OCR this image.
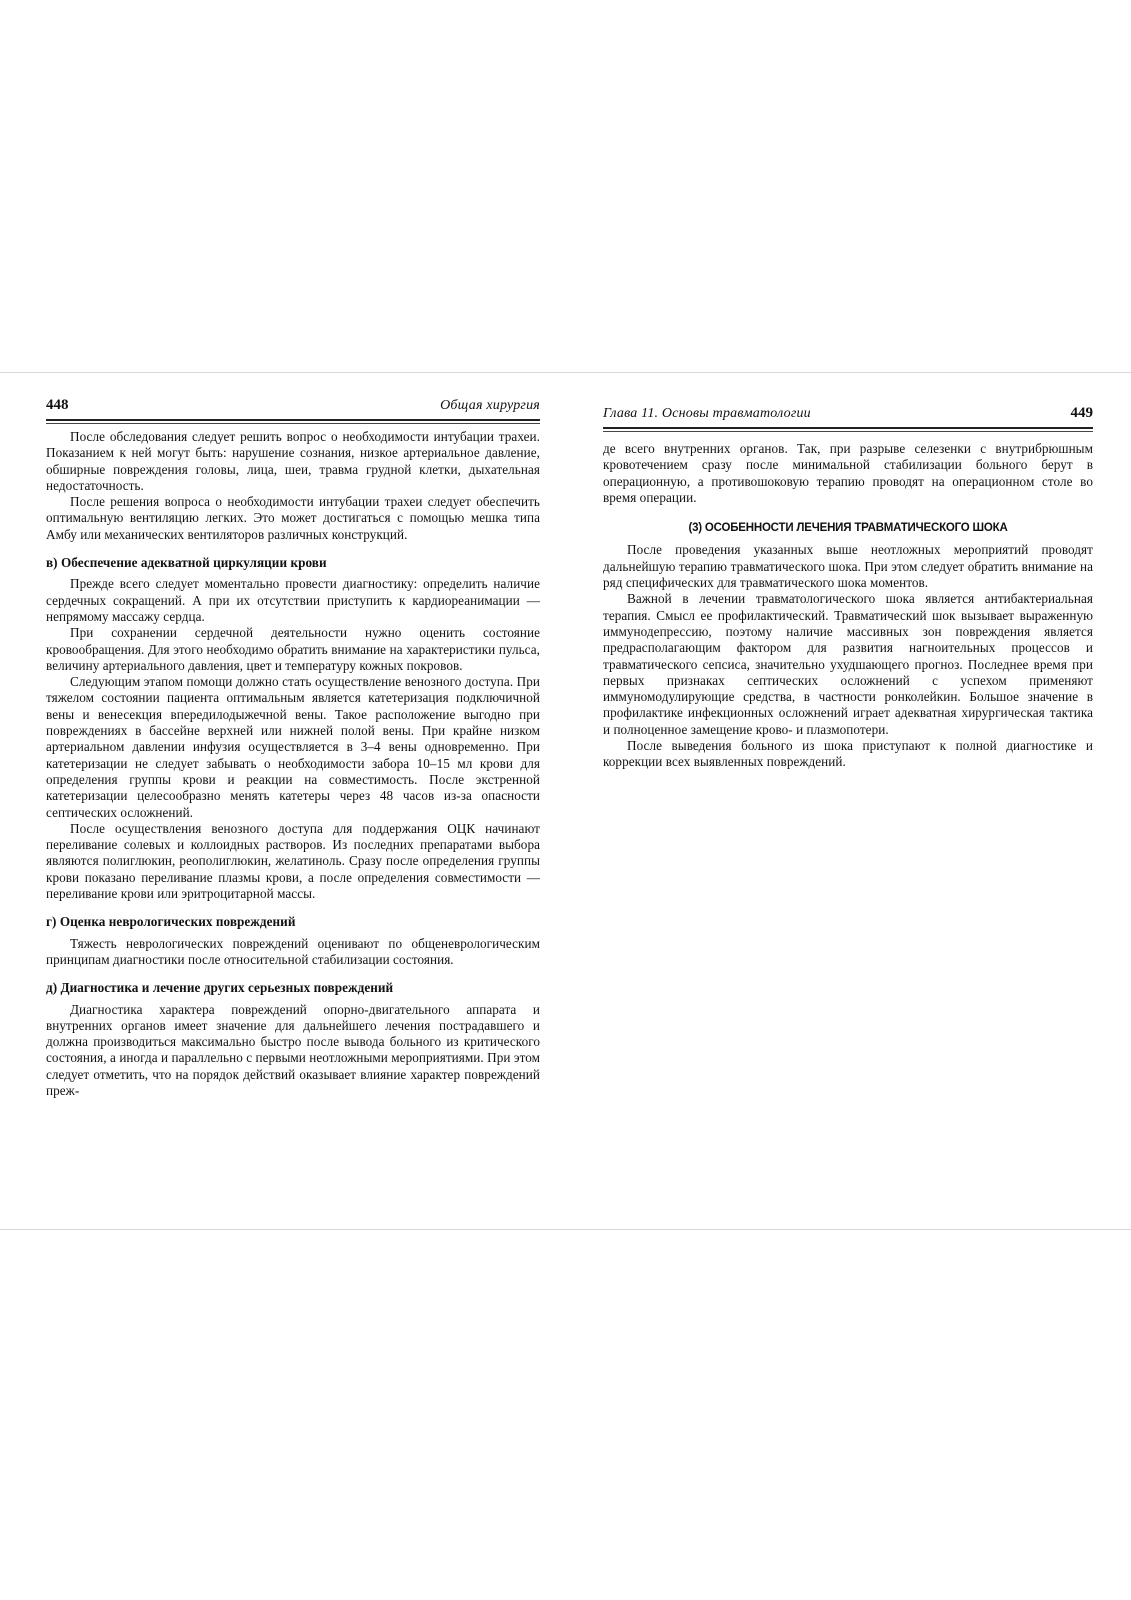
448	Общая хирургия

После обследования следует решить вопрос о необходимости интубации трахеи. Показанием к ней могут быть: нарушение сознания, низкое артериальное давление, обширные повреждения головы, лица, шеи, травма грудной клетки, дыхательная недостаточность.

После решения вопроса о необходимости интубации трахеи следует обеспечить оптимальную вентиляцию легких. Это может достигаться с помощью мешка типа Амбу или механических вентиляторов различных конструкций.

в) Обеспечение адекватной циркуляции крови

Прежде всего следует моментально провести диагностику: определить наличие сердечных сокращений. А при их отсутствии приступить к кардиореанимации — непрямому массажу сердца.

При сохранении сердечной деятельности нужно оценить состояние кровообращения. Для этого необходимо обратить внимание на характеристики пульса, величину артериального давления, цвет и температуру кожных покровов.

Следующим этапом помощи должно стать осуществление венозного доступа. При тяжелом состоянии пациента оптимальным является катетеризация подключичной вены и венесекция впередилодыжечной вены. Такое расположение выгодно при повреждениях в бассейне верхней или нижней полой вены. При крайне низком артериальном давлении инфузия осуществляется в 3–4 вены одновременно. При катетеризации не следует забывать о необходимости забора 10–15 мл крови для определения группы крови и реакции на совместимость. После экстренной катетеризации целесообразно менять катетеры через 48 часов из-за опасности септических осложнений.

После осуществления венозного доступа для поддержания ОЦК начинают переливание солевых и коллоидных растворов. Из последних препаратами выбора являются полиглюкин, реополиглюкин, желатиноль. Сразу после определения группы крови показано переливание плазмы крови, а после определения совместимости — переливание крови или эритроцитарной массы.

г) Оценка неврологических повреждений

Тяжесть неврологических повреждений оценивают по общеневрологическим принципам диагностики после относительной стабилизации состояния.

д) Диагностика и лечение других серьезных повреждений

Диагностика характера повреждений опорно-двигательного аппарата и внутренних органов имеет значение для дальнейшего лечения пострадавшего и должна производиться максимально быстро после вывода больного из критического состояния, а иногда и параллельно с первыми неотложными мероприятиями. При этом следует отметить, что на порядок действий оказывает влияние характер повреждений преж-

Глава 11. Основы травматологии	449

де всего внутренних органов. Так, при разрыве селезенки с внутрибрюшным кровотечением сразу после минимальной стабилизации больного берут в операционную, а противошоковую терапию проводят на операционном столе во время операции.

(3) ОСОБЕННОСТИ ЛЕЧЕНИЯ ТРАВМАТИЧЕСКОГО ШОКА

После проведения указанных выше неотложных мероприятий проводят дальнейшую терапию травматического шока. При этом следует обратить внимание на ряд специфических для травматического шока моментов.

Важной в лечении травматологического шока является антибактериальная терапия. Смысл ее профилактический. Травматический шок вызывает выраженную иммунодепрессию, поэтому наличие массивных зон повреждения является предрасполагающим фактором для развития нагноительных процессов и травматического сепсиса, значительно ухудшающего прогноз. Последнее время при первых признаках септических осложнений с успехом применяют иммуномодулирующие средства, в частности ронколейкин. Большое значение в профилактике инфекционных осложнений играет адекватная хирургическая тактика и полноценное замещение крово- и плазмопотери.

После выведения больного из шока приступают к полной диагностике и коррекции всех выявленных повреждений.
